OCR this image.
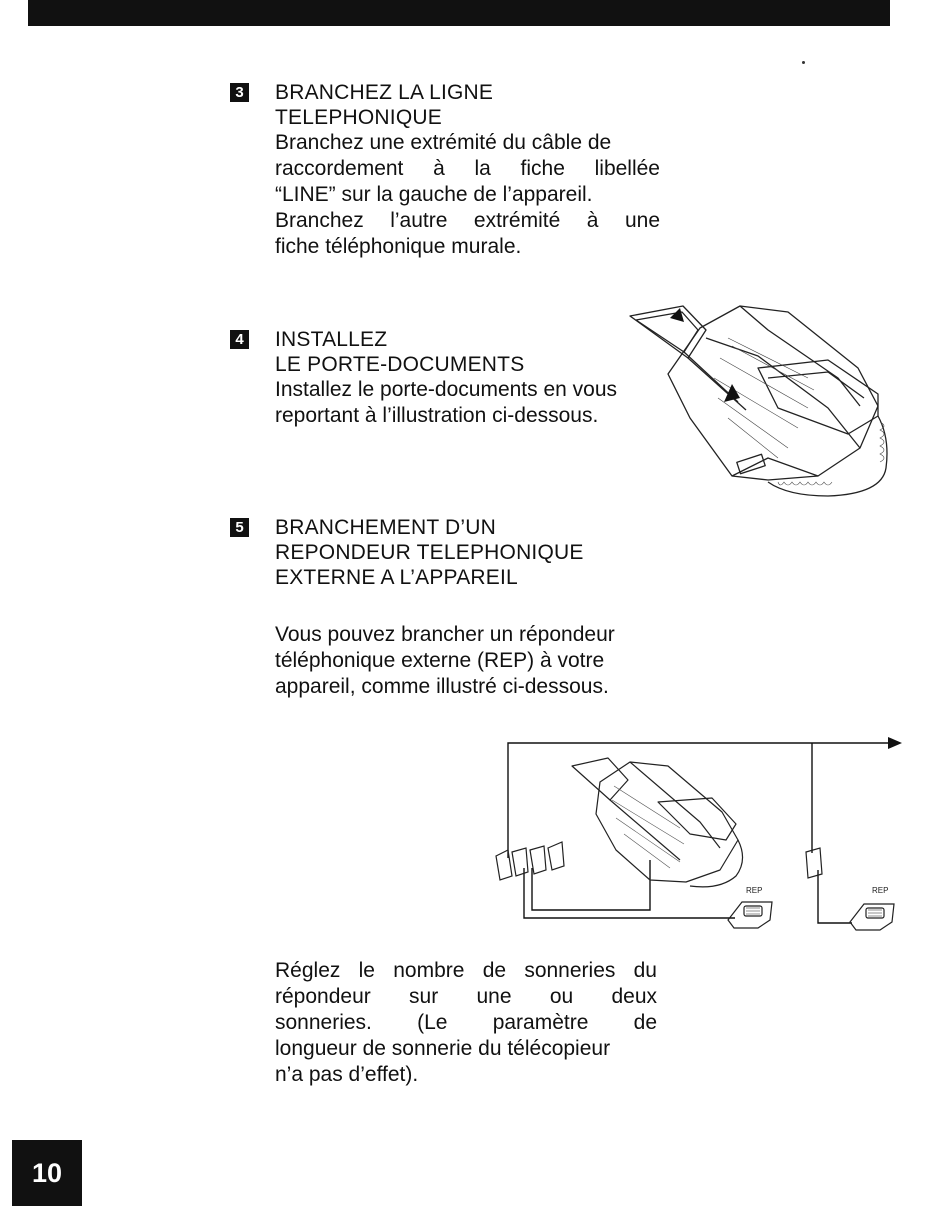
3 BRANCHEZ LA LIGNE
TELEPHONIQUE
Branchez une extrémité du câble de
raccordement à la fiche libellée
“LINE” sur la gauche de l’appareil.
Branchez l’autre extrémité à une
fiche téléphonique murale.
4 INSTALLEZ
LE PORTE-DOCUMENTS
Installez le porte-documents en vous
reportant à l’illustration ci-dessous.
5 BRANCHEMENT D’UN
REPONDEUR TELEPHONIQUE
EXTERNE A L’APPAREIL
Vous pouvez brancher un répondeur
téléphonique externe (REP) à votre
appareil, comme illustré ci-dessous.
REP	REP
Réglez le nombre de sonneries du
répondeur sur une ou deux
sonneries. (Le paramètre de
longueur de sonnerie du télécopieur
n’a pas d’effet).
10
